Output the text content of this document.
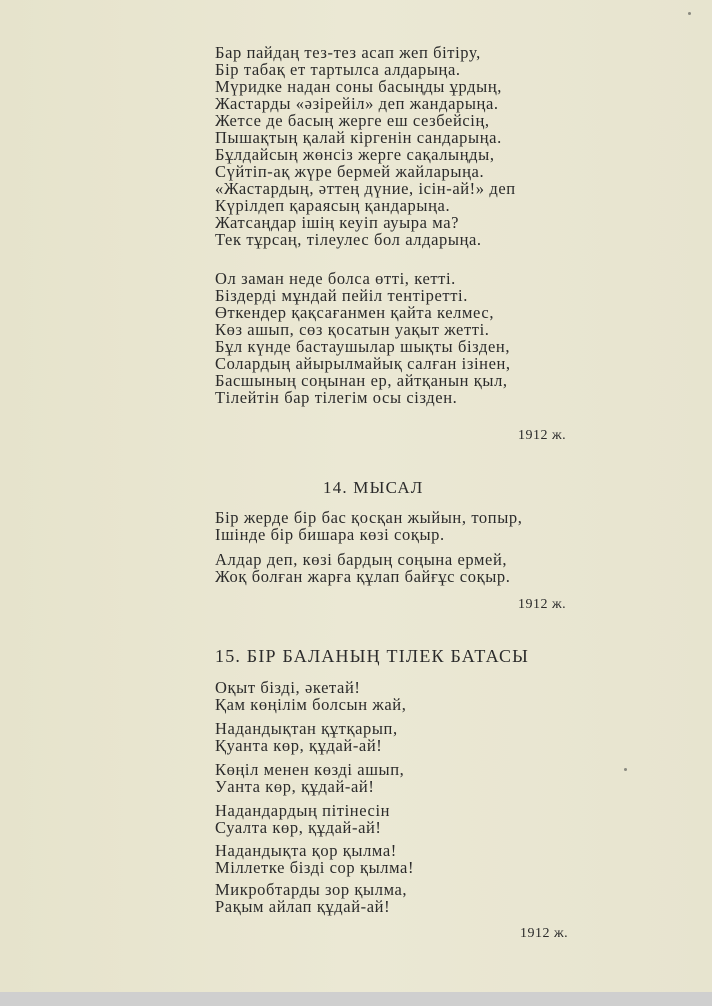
Бар пайдаң тез-тез асап жеп бітіру,
Бір табақ ет тартылса алдарыңа.
Мүридке надан соны басыңды ұрдың,
Жастарды «әзірейіл» деп жандарыңа.
Жетсе де басың жерге еш сезбейсің,
Пышақтың қалай кіргенін сандарыңа.
Бұлдайсың жөнсіз жерге сақалыңды,
Сүйтіп-ақ жүре бермей жайларыңа.
«Жастардың, әттең дүние, ісін-ай!» деп
Күрілдеп қараясың қандарыңа.
Жатсаңдар ішің кеуіп ауыра ма?
Тек тұрсаң, тілеулес бол алдарыңа.
Ол заман неде болса өтті, кетті.
Біздерді мұндай пейіл тентіретті.
Өткендер қақсағанмен қайта келмес,
Көз ашып, сөз қосатын уақыт жетті.
Бұл күнде бастаушылар шықты бізден,
Солардың айырылмайық салған ізінен,
Басшының соңынан ер, айтқанын қыл,
Тілейтін бар тілегім осы сізден.
1912 ж.
14. МЫСАЛ
Бір жерде бір бас қосқан жыйын, топыр,
Ішінде бір бишара көзі соқыр.
Алдар деп, көзі бардың соңына ермей,
Жоқ болған жарға құлап байғұс соқыр.
1912 ж.
15. БІР БАЛАНЫҢ ТІЛЕК БАТАСЫ
Оқыт бізді, әкетай!
Қам көңілім болсын жай,
Надандықтан құтқарып,
Қуанта көр, құдай-ай!
Көңіл менен көзді ашып,
Уанта көр, құдай-ай!
Надандардың пітінесін
Суалта көр, құдай-ай!
Надандықта қор қылма!
Міллетке бізді сор қылма!
Микробтарды зор қылма,
Рақым айлап құдай-ай!
1912 ж.
